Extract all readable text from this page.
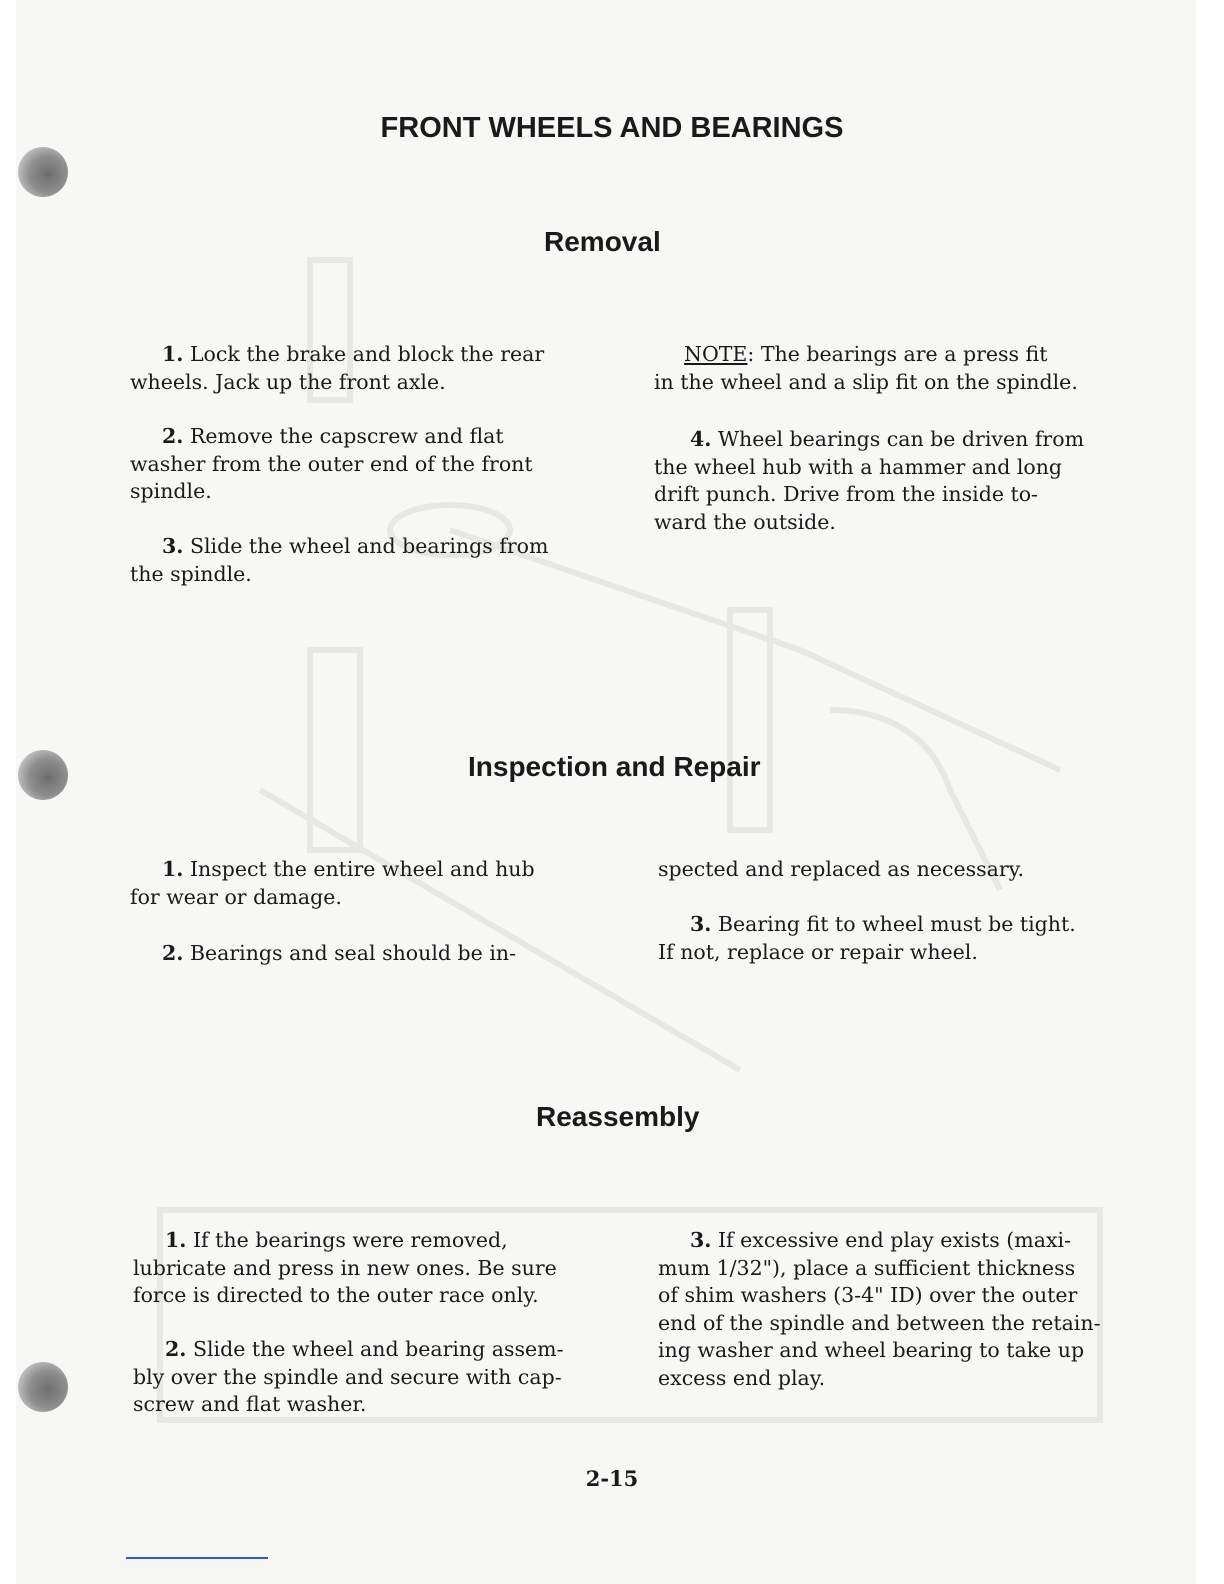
FRONT WHEELS AND BEARINGS
Removal
1. Lock the brake and block the rear
wheels. Jack up the front axle.
2. Remove the capscrew and flat
washer from the outer end of the front
spindle.
3. Slide the wheel and bearings from
the spindle.
NOTE: The bearings are a press fit
in the wheel and a slip fit on the spindle.
4. Wheel bearings can be driven from
the wheel hub with a hammer and long
drift punch. Drive from the inside to-
ward the outside.
Inspection and Repair
1. Inspect the entire wheel and hub
for wear or damage.
2. Bearings and seal should be in-
spected and replaced as necessary.
3. Bearing fit to wheel must be tight.
If not, replace or repair wheel.
Reassembly
1. If the bearings were removed,
lubricate and press in new ones. Be sure
force is directed to the outer race only.
2. Slide the wheel and bearing assem-
bly over the spindle and secure with cap-
screw and flat washer.
3. If excessive end play exists (maxi-
mum 1/32"), place a sufficient thickness
of shim washers (3-4" ID) over the outer
end of the spindle and between the retain-
ing washer and wheel bearing to take up
excess end play.
2-15
